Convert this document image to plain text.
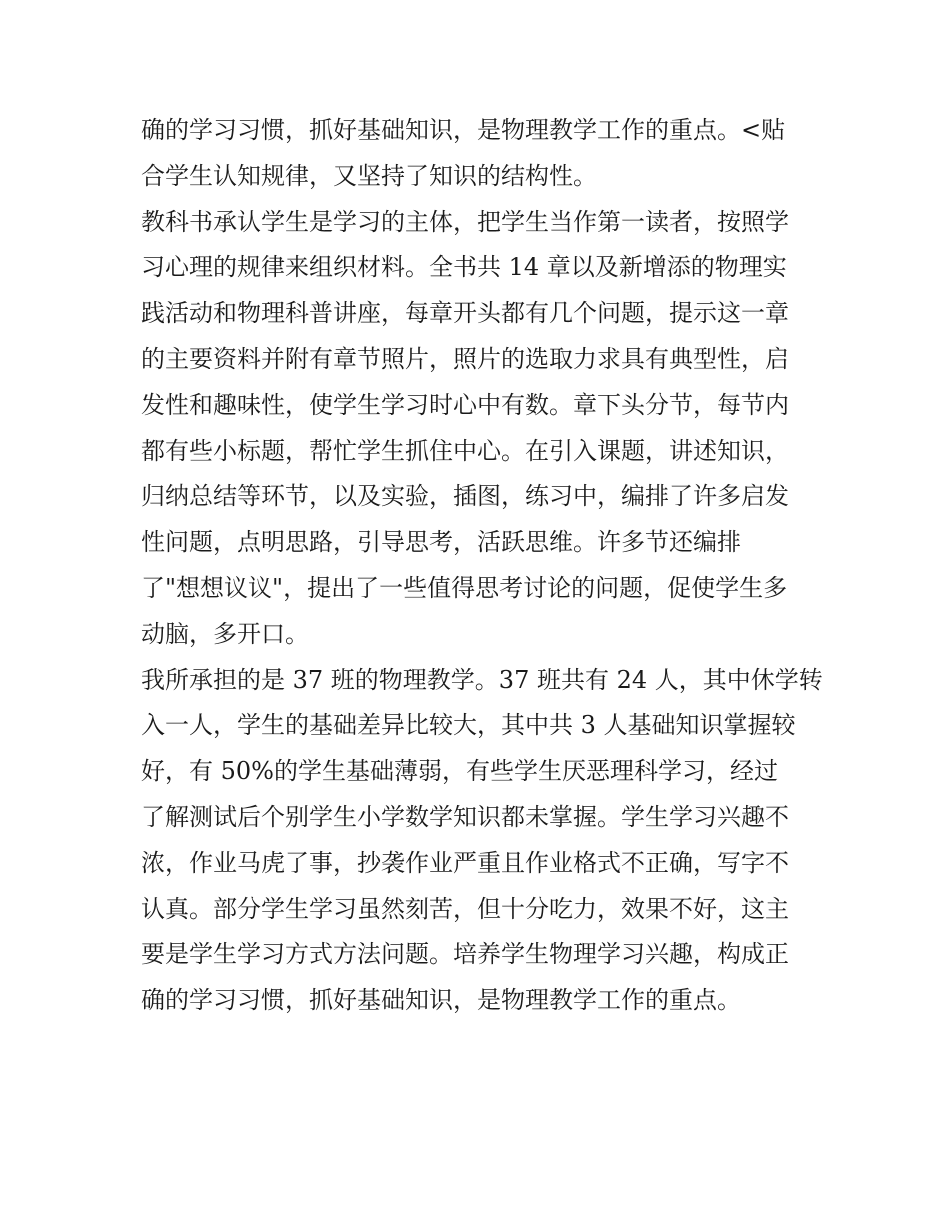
确的学习习惯，抓好基础知识，是物理教学工作的重点。<贴
合学生认知规律，又坚持了知识的结构性。
教科书承认学生是学习的主体，把学生当作第一读者，按照学
习心理的规律来组织材料。全书共 14 章以及新增添的物理实
践活动和物理科普讲座，每章开头都有几个问题，提示这一章
的主要资料并附有章节照片，照片的选取力求具有典型性，启
发性和趣味性，使学生学习时心中有数。章下头分节，每节内
都有些小标题，帮忙学生抓住中心。在引入课题，讲述知识，
归纳总结等环节，以及实验，插图，练习中，编排了许多启发
性问题，点明思路，引导思考，活跃思维。许多节还编排
了"想想议议"，提出了一些值得思考讨论的问题，促使学生多
动脑，多开口。
我所承担的是 37 班的物理教学。37 班共有 24 人，其中休学转
入一人，学生的基础差异比较大，其中共 3 人基础知识掌握较
好，有 50%的学生基础薄弱，有些学生厌恶理科学习，经过
了解测试后个别学生小学数学知识都未掌握。学生学习兴趣不
浓，作业马虎了事，抄袭作业严重且作业格式不正确，写字不
认真。部分学生学习虽然刻苦，但十分吃力，效果不好，这主
要是学生学习方式方法问题。培养学生物理学习兴趣，构成正
确的学习习惯，抓好基础知识，是物理教学工作的重点。
